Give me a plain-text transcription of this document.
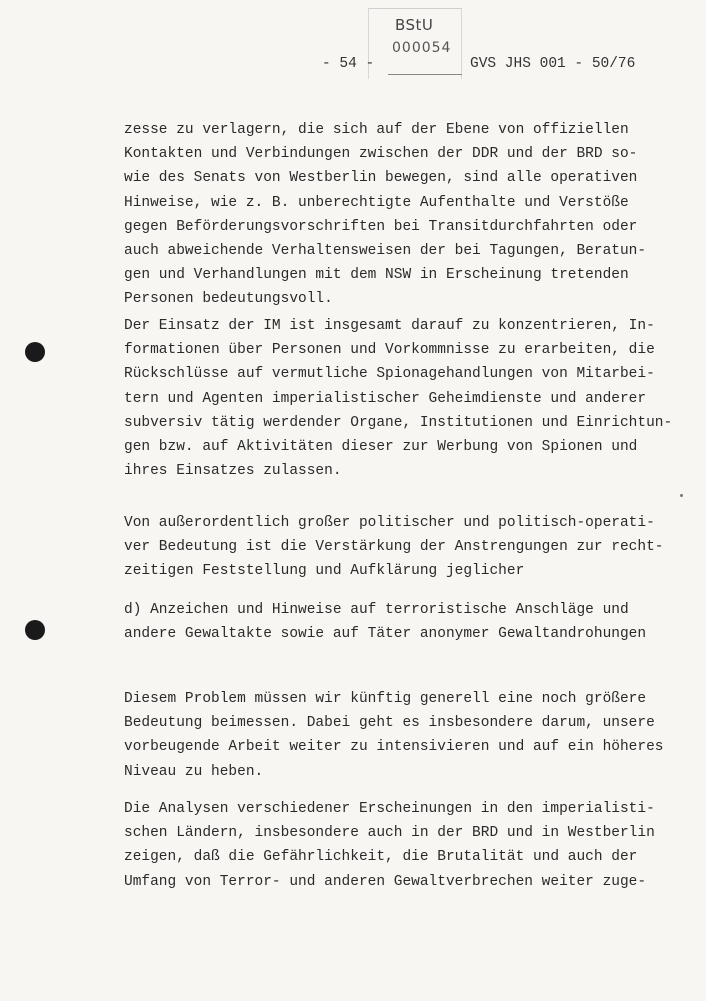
BStU
000054
- 54 -	GVS JHS 001 - 50/76

zesse zu verlagern, die sich auf der Ebene von offiziellen
Kontakten und Verbindungen zwischen der DDR und der BRD so-
wie des Senats von Westberlin bewegen, sind alle operativen
Hinweise, wie z. B. unberechtigte Aufenthalte und Verstöße
gegen Beförderungsvorschriften bei Transitdurchfahrten oder
auch abweichende Verhaltensweisen der bei Tagungen, Beratun-
gen und Verhandlungen mit dem NSW in Erscheinung tretenden
Personen bedeutungsvoll.

Der Einsatz der IM ist insgesamt darauf zu konzentrieren, In-
formationen über Personen und Vorkommnisse zu erarbeiten, die
Rückschlüsse auf vermutliche Spionagehandlungen von Mitarbei-
tern und Agenten imperialistischer Geheimdienste und anderer
subversiv tätig werdender Organe, Institutionen und Einrichtun-
gen bzw. auf Aktivitäten dieser zur Werbung von Spionen und
ihres Einsatzes zulassen.

Von außerordentlich großer politischer und politisch-operati-
ver Bedeutung ist die Verstärkung der Anstrengungen zur recht-
zeitigen Feststellung und Aufklärung jeglicher

d) Anzeichen und Hinweise auf terroristische Anschläge und
andere Gewaltakte sowie auf Täter anonymer Gewaltandrohungen

Diesem Problem müssen wir künftig generell eine noch größere
Bedeutung beimessen. Dabei geht es insbesondere darum, unsere
vorbeugende Arbeit weiter zu intensivieren und auf ein höheres
Niveau zu heben.

Die Analysen verschiedener Erscheinungen in den imperialisti-
schen Ländern, insbesondere auch in der BRD und in Westberlin
zeigen, daß die Gefährlichkeit, die Brutalität und auch der
Umfang von Terror- und anderen Gewaltverbrechen weiter zuge-
